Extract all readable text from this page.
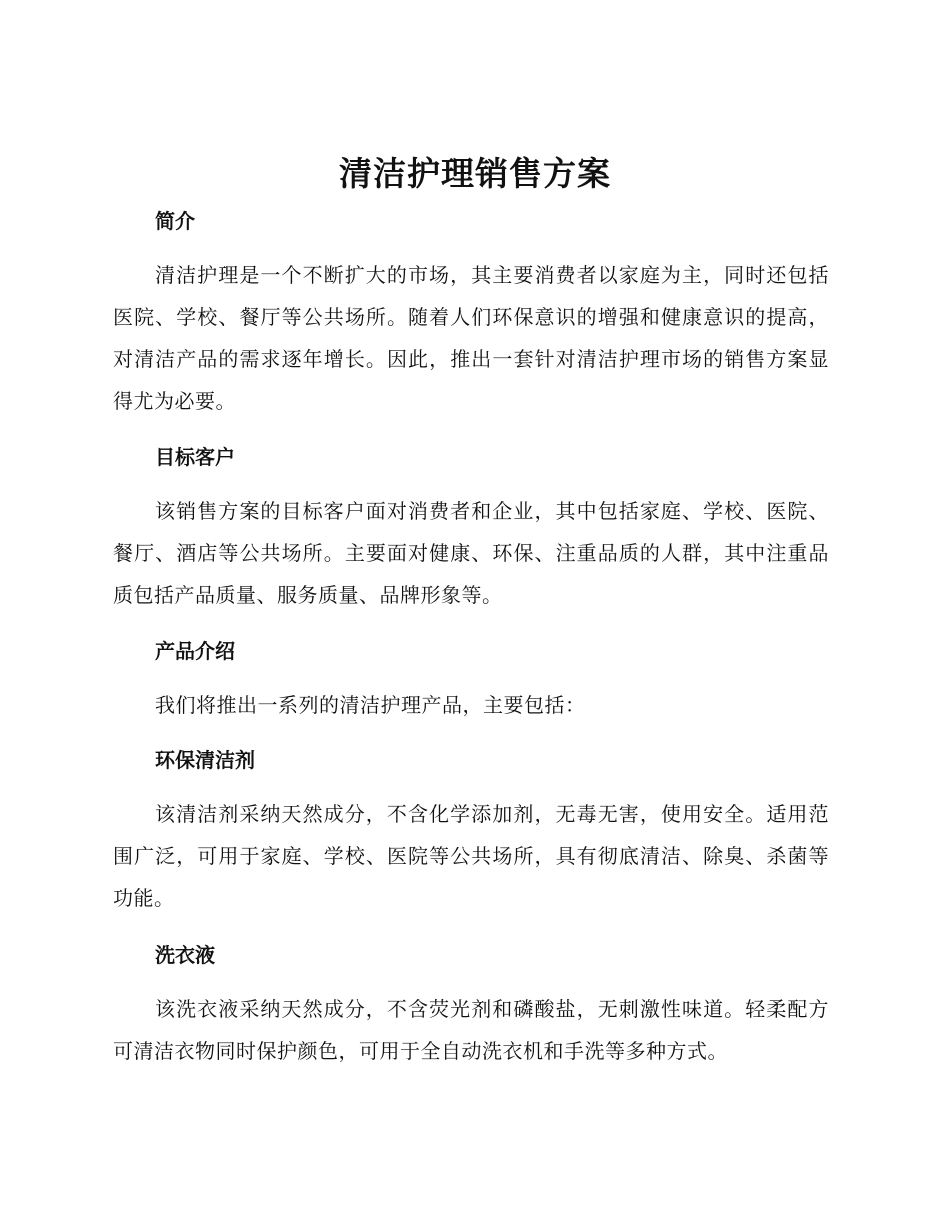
清洁护理销售方案
简介

清洁护理是一个不断扩大的市场，其主要消费者以家庭为主，同时还包括医院、学校、餐厅等公共场所。随着人们环保意识的增强和健康意识的提高，对清洁产品的需求逐年增长。因此，推出一套针对清洁护理市场的销售方案显得尤为必要。

目标客户

该销售方案的目标客户面对消费者和企业，其中包括家庭、学校、医院、餐厅、酒店等公共场所。主要面对健康、环保、注重品质的人群，其中注重品质包括产品质量、服务质量、品牌形象等。

产品介绍

我们将推出一系列的清洁护理产品，主要包括：

环保清洁剂

该清洁剂采纳天然成分，不含化学添加剂，无毒无害，使用安全。适用范围广泛，可用于家庭、学校、医院等公共场所，具有彻底清洁、除臭、杀菌等功能。

洗衣液

该洗衣液采纳天然成分，不含荧光剂和磷酸盐，无刺激性味道。轻柔配方可清洁衣物同时保护颜色，可用于全自动洗衣机和手洗等多种方式。
